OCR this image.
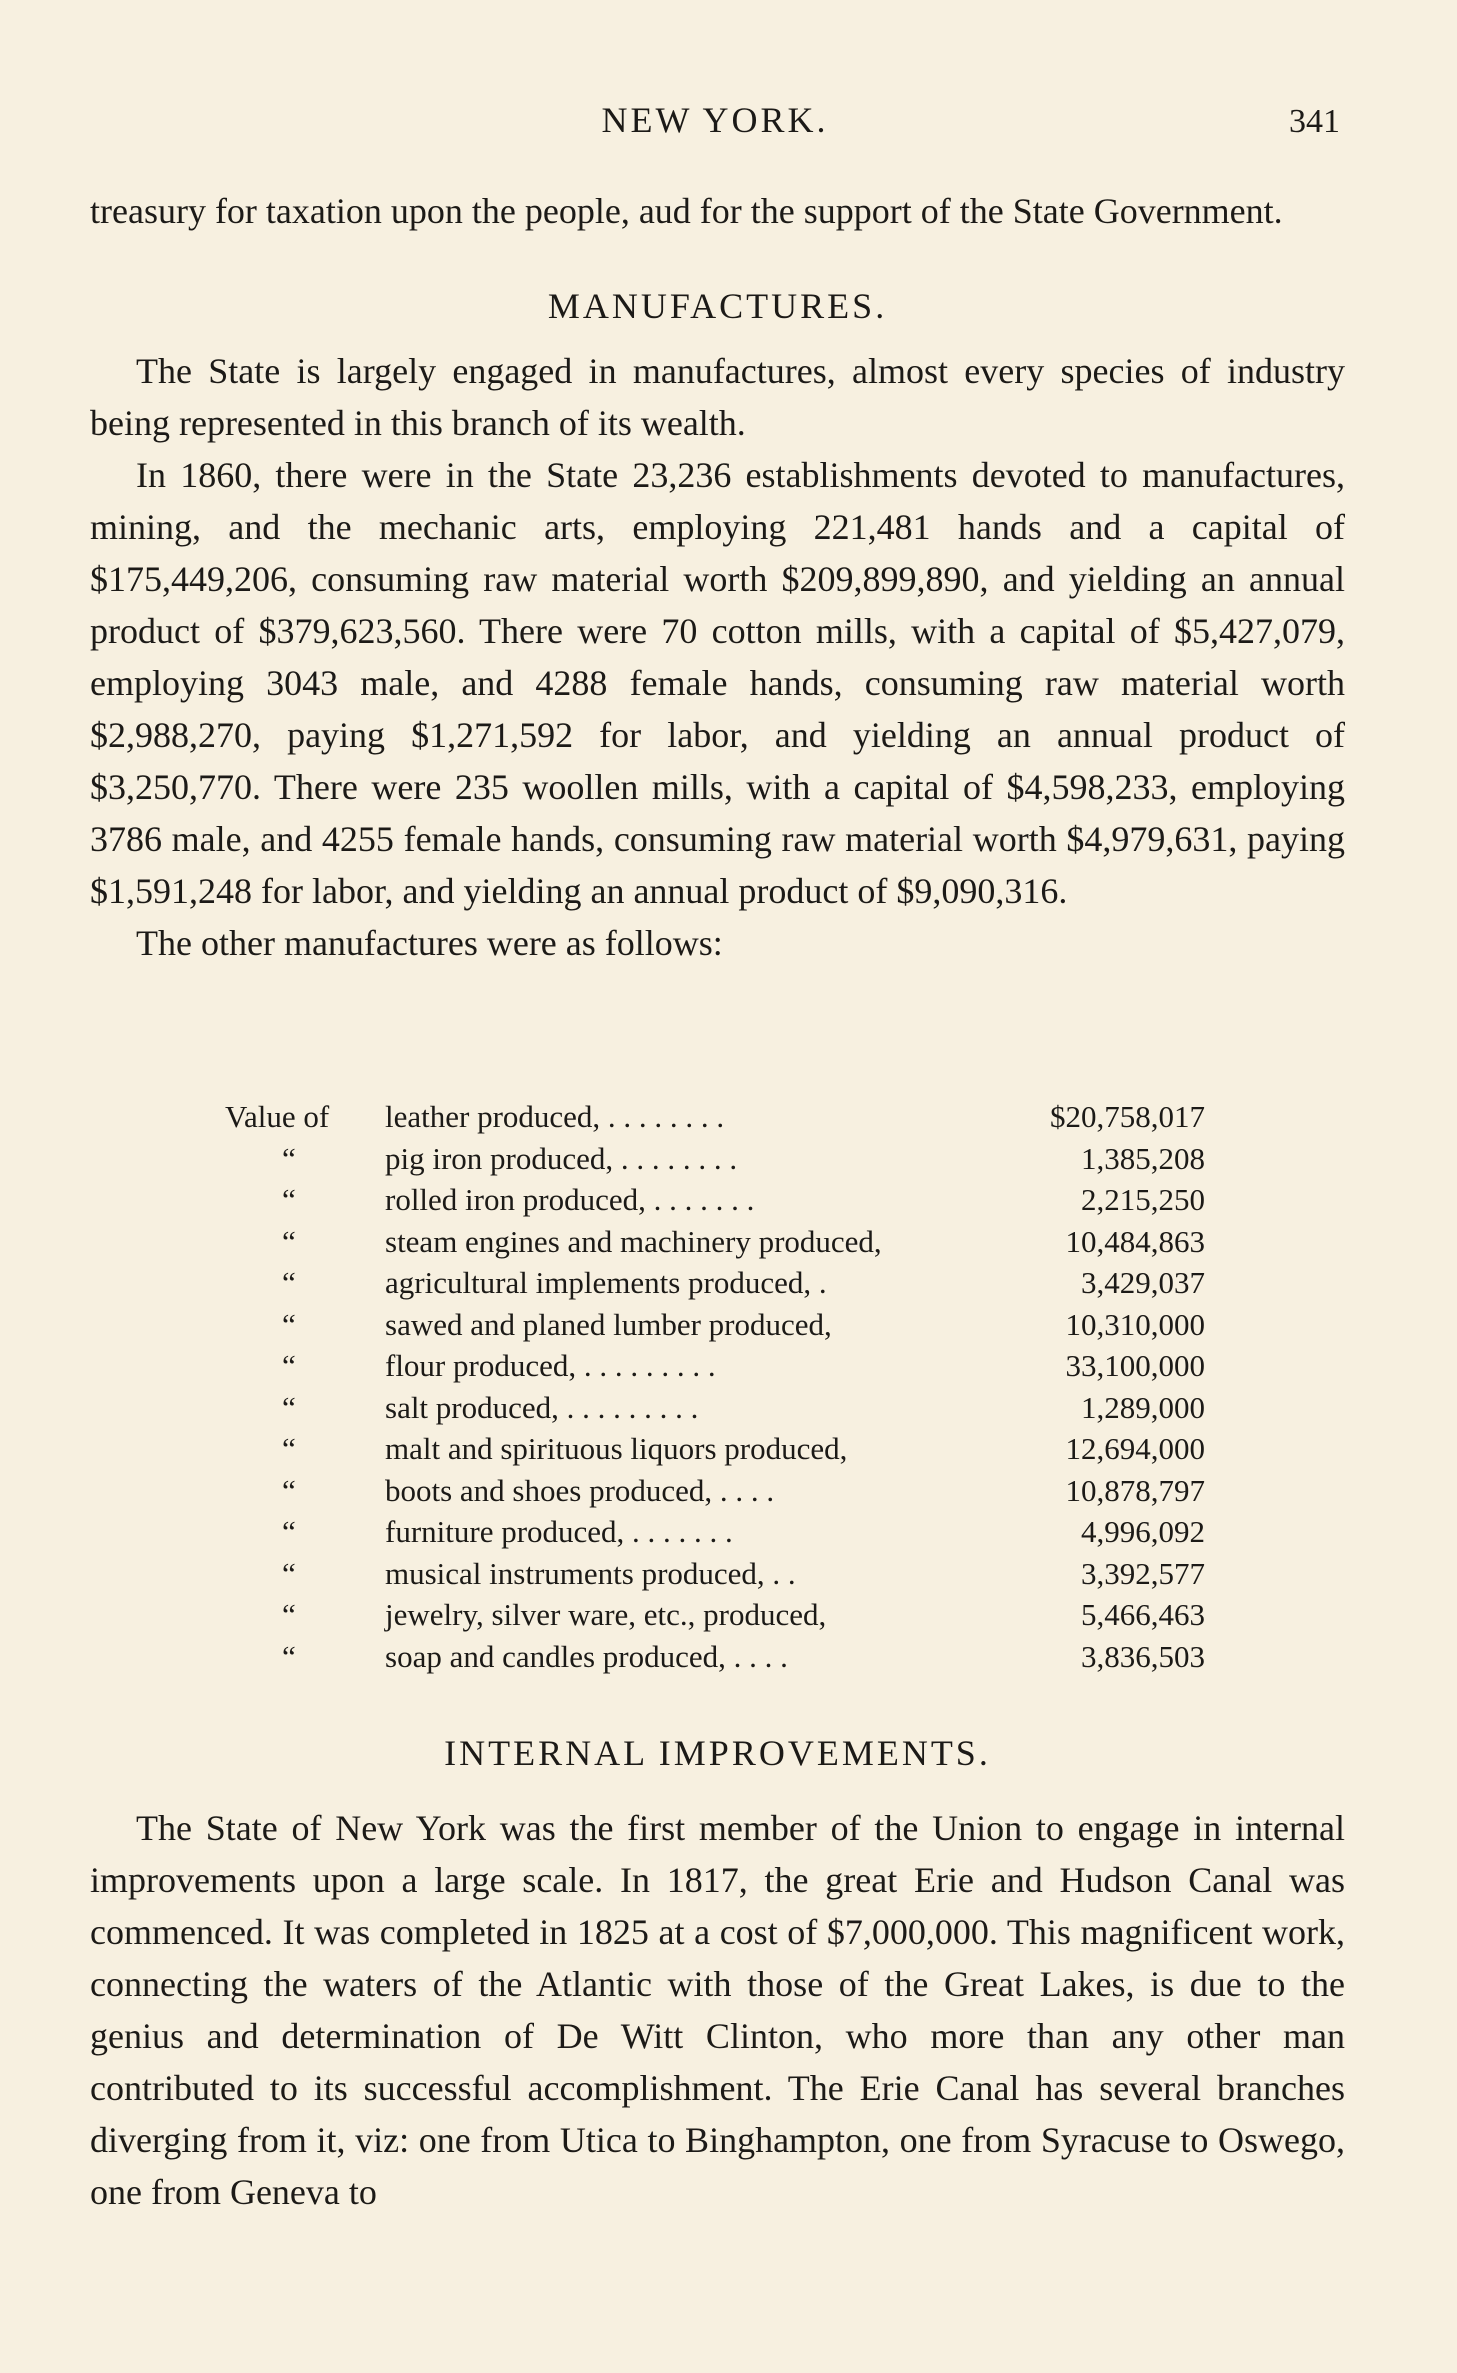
NEW YORK.	341

treasury for taxation upon the people, aud for the support of the State Government.

MANUFACTURES.

The State is largely engaged in manufactures, almost every species of industry being represented in this branch of its wealth.

In 1860, there were in the State 23,236 establishments devoted to manufactures, mining, and the mechanic arts, employing 221,481 hands and a capital of $175,449,206, consuming raw material worth $209,899,890, and yielding an annual product of $379,623,560. There were 70 cotton mills, with a capital of $5,427,079, employing 3043 male, and 4288 female hands, consuming raw material worth $2,988,270, paying $1,271,592 for labor, and yielding an annual product of $3,250,770. There were 235 woollen mills, with a capital of $4,598,233, employing 3786 male, and 4255 female hands, consuming raw material worth $4,979,631, paying $1,591,248 for labor, and yielding an annual product of $9,090,316.

The other manufactures were as follows:

Value of	leather produced, . . . . . . . .	$20,758,017
“	pig iron produced, . . . . . . . .	1,385,208
“	rolled iron produced, . . . . . . .	2,215,250
“	steam engines and machinery produced,	10,484,863
“	agricultural implements produced, .	3,429,037
“	sawed and planed lumber produced,	10,310,000
“	flour produced, . . . . . . . . .	33,100,000
“	salt produced, . . . . . . . . .	1,289,000
“	malt and spirituous liquors produced,	12,694,000
“	boots and shoes produced, . . . .	10,878,797
“	furniture produced, . . . . . . .	4,996,092
“	musical instruments produced, . .	3,392,577
“	jewelry, silver ware, etc., produced,	5,466,463
“	soap and candles produced, . . . .	3,836,503
INTERNAL IMPROVEMENTS.

The State of New York was the first member of the Union to engage in internal improvements upon a large scale. In 1817, the great Erie and Hudson Canal was commenced. It was completed in 1825 at a cost of $7,000,000. This magnificent work, connecting the waters of the Atlantic with those of the Great Lakes, is due to the genius and determination of De Witt Clinton, who more than any other man contributed to its successful accomplishment. The Erie Canal has several branches diverging from it, viz: one from Utica to Binghampton, one from Syracuse to Oswego, one from Geneva to
